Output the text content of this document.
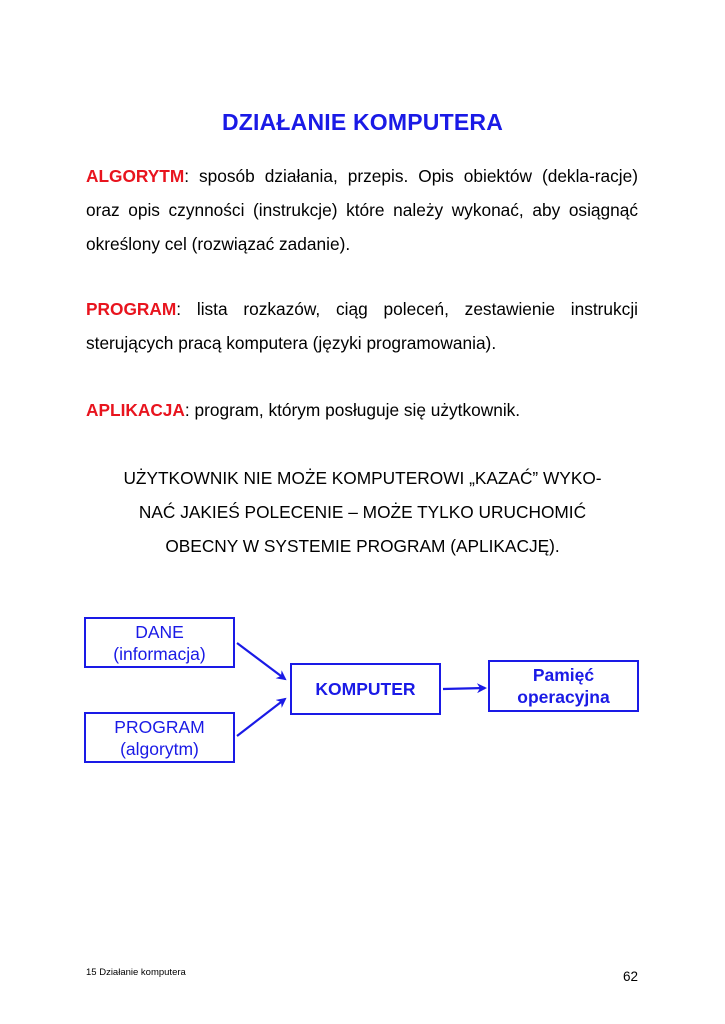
DZIAŁANIE KOMPUTERA
ALGORYTM: sposób działania, przepis. Opis obiektów (dekla-racje) oraz opis czynności (instrukcje) które należy wykonać, aby osiągnąć określony cel (rozwiązać zadanie).
PROGRAM: lista rozkazów, ciąg poleceń, zestawienie instrukcji sterujących pracą komputera (języki programowania).
APLIKACJA: program, którym posługuje się użytkownik.
UŻYTKOWNIK NIE MOŻE KOMPUTEROWI „KAZAĆ” WYKO-
NAĆ JAKIEŚ POLECENIE – MOŻE TYLKO URUCHOMIĆ
OBECNY W SYSTEMIE PROGRAM (APLIKACJĘ).
DANE
(informacja)
PROGRAM
(algorytm)
KOMPUTER
Pamięć
operacyjna
15 Działanie komputera	62
